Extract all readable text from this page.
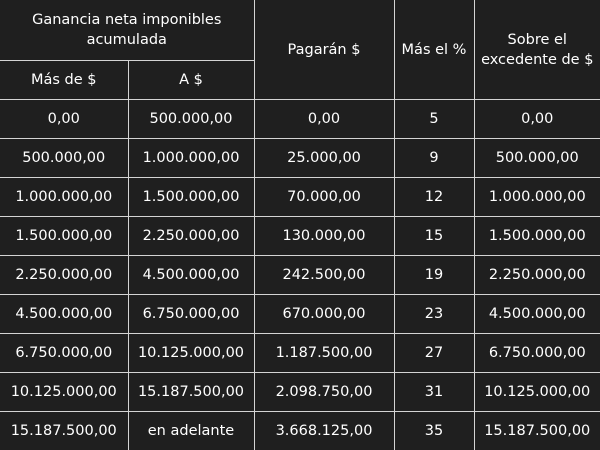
Ganancia neta imponibles acumulada		Pagarán $	Más el %	Sobre el excedente de $
Más de $	A $			
0,00	500.000,00	0,00	5	0,00
500.000,00	1.000.000,00	25.000,00	9	500.000,00
1.000.000,00	1.500.000,00	70.000,00	12	1.000.000,00
1.500.000,00	2.250.000,00	130.000,00	15	1.500.000,00
2.250.000,00	4.500.000,00	242.500,00	19	2.250.000,00
4.500.000,00	6.750.000,00	670.000,00	23	4.500.000,00
6.750.000,00	10.125.000,00	1.187.500,00	27	6.750.000,00
10.125.000,00	15.187.500,00	2.098.750,00	31	10.125.000,00
15.187.500,00	en adelante	3.668.125,00	35	15.187.500,00
